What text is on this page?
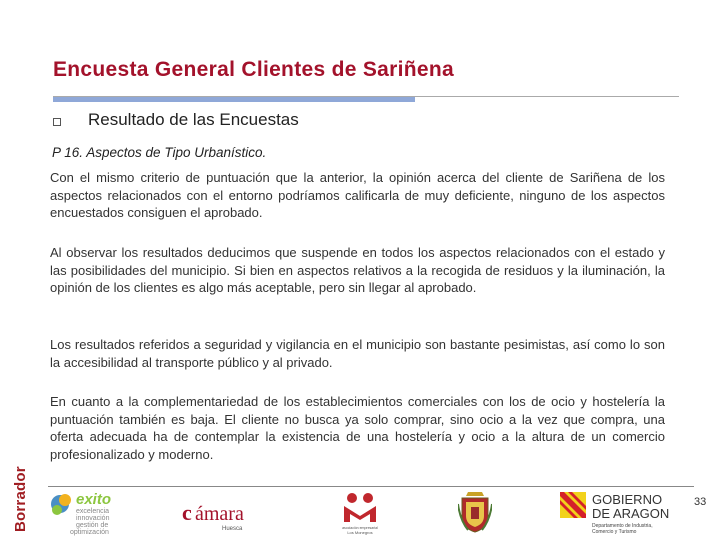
Encuesta General Clientes de Sariñena
Resultado de las Encuestas
P 16. Aspectos de Tipo Urbanístico.

Con el mismo criterio de puntuación que la anterior, la opinión acerca del cliente de Sariñena de los aspectos relacionados con el entorno podríamos calificarla de muy deficiente, ninguno de los aspectos encuestados consiguen el aprobado.

Al observar los resultados deducimos que suspende en todos los aspectos relacionados con el estado y las posibilidades del municipio. Si bien en aspectos relativos a la recogida de residuos y la iluminación, la opinión de los clientes es algo más aceptable, pero sin llegar al aprobado.

Los resultados referidos a seguridad y vigilancia en el municipio son bastante pesimistas, así como lo son la accesibilidad al transporte público y al privado.

En cuanto a la complementariedad de los establecimientos comerciales con los de ocio y hostelería la puntuación también es baja. El cliente no busca ya solo comprar, sino ocio a la vez que compra, una oferta adecuada ha de contemplar la existencia de una hostelería y ocio a la altura de un comercio profesionalizado y moderno.

Borrador	33
exito
excelencia
innovación
gestión de
optimización
c ámara
Huesca	asociación empresarial
Los Monegros
GOBIERNO
DE ARAGON
Departamento de Industria,
Comercio y Turismo
